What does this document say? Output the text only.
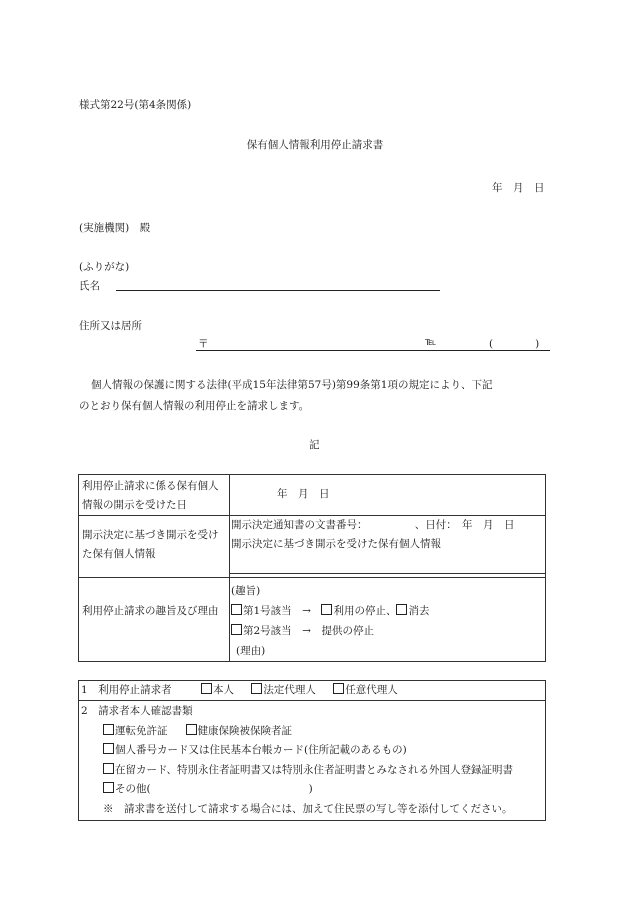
様式第22号(第4条関係)
保有個人情報利用停止請求書
年　月　日
(実施機関)　殿
(ふりがな)
氏名
住所又は居所
〒	℡	(　　　　)
個人情報の保護に関する法律(平成15年法律第57号)第99条第1項の規定により、下記
のとおり保有個人情報の利用停止を請求します。
記
利用停止請求に係る保有個人情報の開示を受けた日	年　月　日

開示決定に基づき開示を受けた保有個人情報	開示決定通知書の文書番号：　　　　　、日付：　年　月　日
開示決定に基づき開示を受けた保有個人情報

利用停止請求の趣旨及び理由	(趣旨)
第1号該当　→　利用の停止、 消去
第2号該当　→　提供の停止
(理由)
1　利用停止請求者	本人	法定代理人	任意代理人

2　請求者本人確認書類
運転免許証	健康保険被保険者証
個人番号カード又は住民基本台帳カード(住所記載のあるもの)
在留カード、特別永住者証明書又は特別永住者証明書とみなされる外国人登録証明書
その他(	)
※　請求書を送付して請求する場合には、加えて住民票の写し等を添付してください。
